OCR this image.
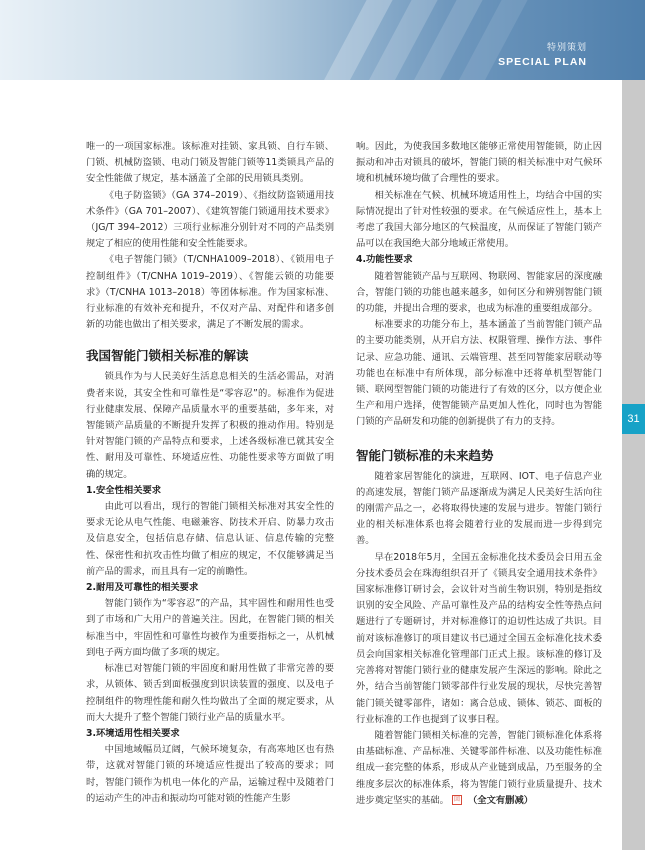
特别策划
SPECIAL PLAN
31

唯一的一项国家标准。该标准对挂锁、家具锁、自行车锁、门锁、机械防盗锁、电动门锁及智能门锁等11类锁具产品的安全性能做了规定，基本涵盖了全部的民用锁具类别。

《电子防盗锁》（GA 374–2019）、《指纹防盗锁通用技术条件》（GA 701–2007）、《建筑智能门锁通用技术要求》（JG/T 394–2012）三项行业标准分别针对不同的产品类别规定了相应的使用性能和安全性能要求。

《电子智能门锁》（T/CNHA1009–2018）、《锁用电子控制组件》（T/CNHA 1019–2019）、《智能云锁的功能要求》（T/CNHA 1013–2018）等团体标准。作为国家标准、行业标准的有效补充和提升，不仅对产品、对配件和诸多创新的功能也做出了相关要求，满足了不断发展的需求。

我国智能门锁相关标准的解读

锁具作为与人民美好生活息息相关的生活必需品，对消费者来说，其安全性和可靠性是“零容忍”的。标准作为促进行业健康发展、保障产品质量水平的重要基础，多年来，对智能锁产品质量的不断提升发挥了积极的推动作用。特别是针对智能门锁的产品特点和要求，上述各级标准已就其安全性、耐用及可靠性、环境适应性、功能性要求等方面做了明确的规定。

1.安全性相关要求

由此可以看出，现行的智能门锁相关标准对其安全性的要求无论从电气性能、电磁兼容、防技术开启、防暴力攻击及信息安全，包括信息存储、信息认证、信息传输的完整性、保密性和抗攻击性均做了相应的规定，不仅能够满足当前产品的需求，而且具有一定的前瞻性。

2.耐用及可靠性的相关要求

智能门锁作为“零容忍”的产品，其牢固性和耐用性也受到了市场和广大用户的普遍关注。因此，在智能门锁的相关标准当中，牢固性和可靠性均被作为重要指标之一，从机械到电子两方面均做了多项的规定。

标准已对智能门锁的牢固度和耐用性做了非常完善的要求，从锁体、锁舌到面板强度到识读装置的强度、以及电子控制组件的物理性能和耐久性均做出了全面的规定要求，从而大大提升了整个智能门锁行业产品的质量水平。

3.环境适用性相关要求

中国地域幅员辽阔，气候环境复杂，有高寒地区也有热带，这就对智能门锁的环境适应性提出了较高的要求；同时，智能门锁作为机电一体化的产品，运输过程中及随着门的运动产生的冲击和振动均可能对锁的性能产生影

响。因此，为使我国多数地区能够正常使用智能锁，防止因振动和冲击对锁具的破坏，智能门锁的相关标准中对气候环境和机械环境均做了合理性的要求。

相关标准在气候、机械环境适用性上，均结合中国的实际情况提出了针对性较强的要求。在气候适应性上，基本上考虑了我国大部分地区的气候温度，从而保证了智能门锁产品可以在我国绝大部分地域正常使用。

4.功能性要求

随着智能锁产品与互联网、物联网、智能家居的深度融合，智能门锁的功能也越来越多，如何区分和辨别智能门锁的功能，并提出合理的要求，也成为标准的重要组成部分。

标准要求的功能分布上，基本涵盖了当前智能门锁产品的主要功能类别，从开启方法、权限管理、操作方法、事件记录、应急功能、通讯、云端管理、甚至同智能家居联动等功能也在标准中有所体现，部分标准中还将单机型智能门锁、联网型智能门锁的功能进行了有效的区分，以方便企业生产和用户选择，使智能锁产品更加人性化，同时也为智能门锁的产品研发和功能的创新提供了有力的支持。

智能门锁标准的未来趋势

随着家居智能化的演进，互联网、IOT、电子信息产业的高速发展，智能门锁产品逐渐成为满足人民美好生活向往的刚需产品之一，必将取得快速的发展与进步。智能门锁行业的相关标准体系也将会随着行业的发展而进一步得到完善。

早在2018年5月，全国五金标准化技术委员会日用五金分技术委员会在珠海组织召开了《锁具安全通用技术条件》国家标准修订研讨会，会议针对当前生物识别，特别是指纹识别的安全风险、产品可靠性及产品的结构安全性等热点问题进行了专题研讨，并对标准修订的迫切性达成了共识。目前对该标准修订的项目建议书已通过全国五金标准化技术委员会向国家相关标准化管理部门正式上报。该标准的修订及完善将对智能门锁行业的健康发展产生深远的影响。除此之外，结合当前智能门锁零部件行业发展的现状，尽快完善智能门锁关键零部件，诸如：离合总成、锁体、锁芯、面板的行业标准的工作也提到了议事日程。

随着智能门锁相关标准的完善，智能门锁标准化体系将由基础标准、产品标准、关键零部件标准、以及功能性标准组成一套完整的体系，形成从产业链到成品，乃至服务的全维度多层次的标准体系，将为智能门锁行业质量提升、技术进步奠定坚实的基础。 回 （全文有删减）
